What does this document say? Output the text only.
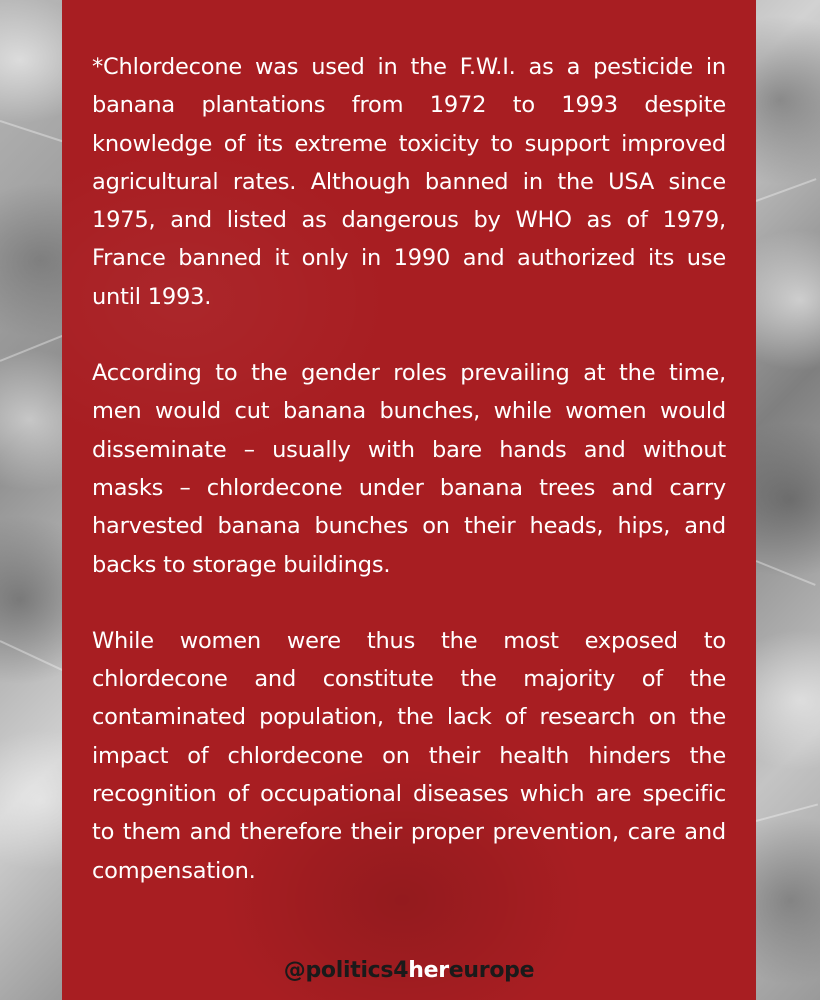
*Chlordecone was used in the F.W.I. as a pesticide in banana plantations from 1972 to 1993 despite knowledge of its extreme toxicity to support improved agricultural rates. Although banned in the USA since 1975, and listed as dangerous by WHO as of 1979, France banned it only in 1990 and authorized its use until 1993.

According to the gender roles prevailing at the time, men would cut banana bunches, while women would disseminate – usually with bare hands and without masks – chlordecone under banana trees and carry harvested banana bunches on their heads, hips, and backs to storage buildings.

While women were thus the most exposed to chlordecone and constitute the majority of the contaminated population, the lack of research on the impact of chlordecone on their health hinders the recognition of occupational diseases which are specific to them and therefore their proper prevention, care and compensation.

@politics4hereurope
